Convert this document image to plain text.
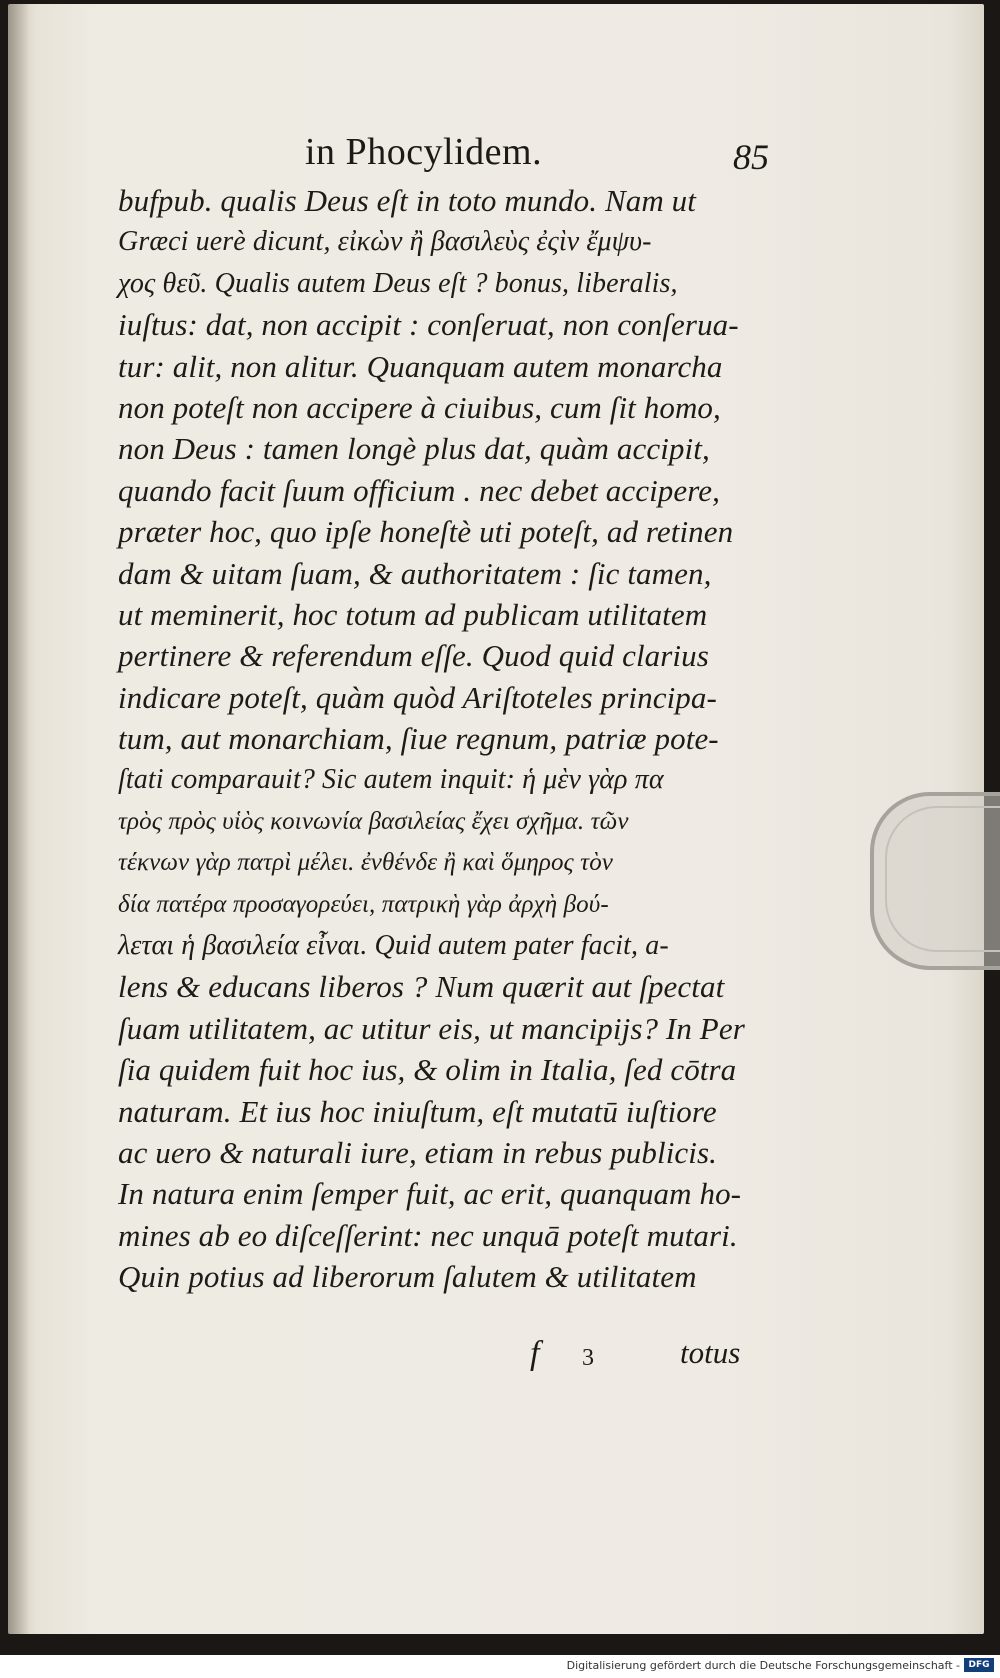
in Phocylidem.	85
bufpub. qualis Deus eſt in toto mundo. Nam ut
Græci uerè dicunt, εἰκὼν ἢ βασιλεὺς ἐςὶν ἔμψυ-
χος θεῦ. Qualis autem Deus eſt ? bonus, liberalis,
iuſtus: dat, non accipit : conſeruat, non conſerua-
tur: alit, non alitur. Quanquam autem monarcha
non poteſt non accipere à ciuibus, cum ſit homo,
non Deus : tamen longè plus dat, quàm accipit,
quando facit ſuum officium . nec debet accipere,
præter hoc, quo ipſe honeſtè uti poteſt, ad retinen
dam & uitam ſuam, & authoritatem : ſic tamen,
ut meminerit, hoc totum ad publicam utilitatem
pertinere & referendum eſſe. Quod quid clarius
indicare poteſt, quàm quòd Ariſtoteles principa-
tum, aut monarchiam, ſiue regnum, patriæ pote-
ſtati comparauit? Sic autem inquit: ἡ μὲν γὰρ πα
τρὸς πρὸς υἱὸς κοινωνία βασιλείας ἔχει σχῆμα. τῶν
τέκνων γὰρ πατρὶ μέλει. ἐνθένδε ἢ καὶ ὅμηρος τὸν
δία πατέρα προσαγορεύει, πατρικὴ γὰρ ἀρχὴ βού-
λεται ἡ βασιλεία εἶναι. Quid autem pater facit, a-
lens & educans liberos ? Num quærit aut ſpectat
ſuam utilitatem, ac utitur eis, ut mancipijs? In Per
ſia quidem fuit hoc ius, & olim in Italia, ſed cōtra
naturam. Et ius hoc iniuſtum, eſt mutatū iuſtiore
ac uero & naturali iure, etiam in rebus publicis.
In natura enim ſemper fuit, ac erit, quanquam ho-
mines ab eo diſceſſerint: nec unquā poteſt mutari.
Quin potius ad liberorum ſalutem & utilitatem
f 3	totus
Digitalisierung gefördert durch die Deutsche Forschungsgemeinschaft - DFG
